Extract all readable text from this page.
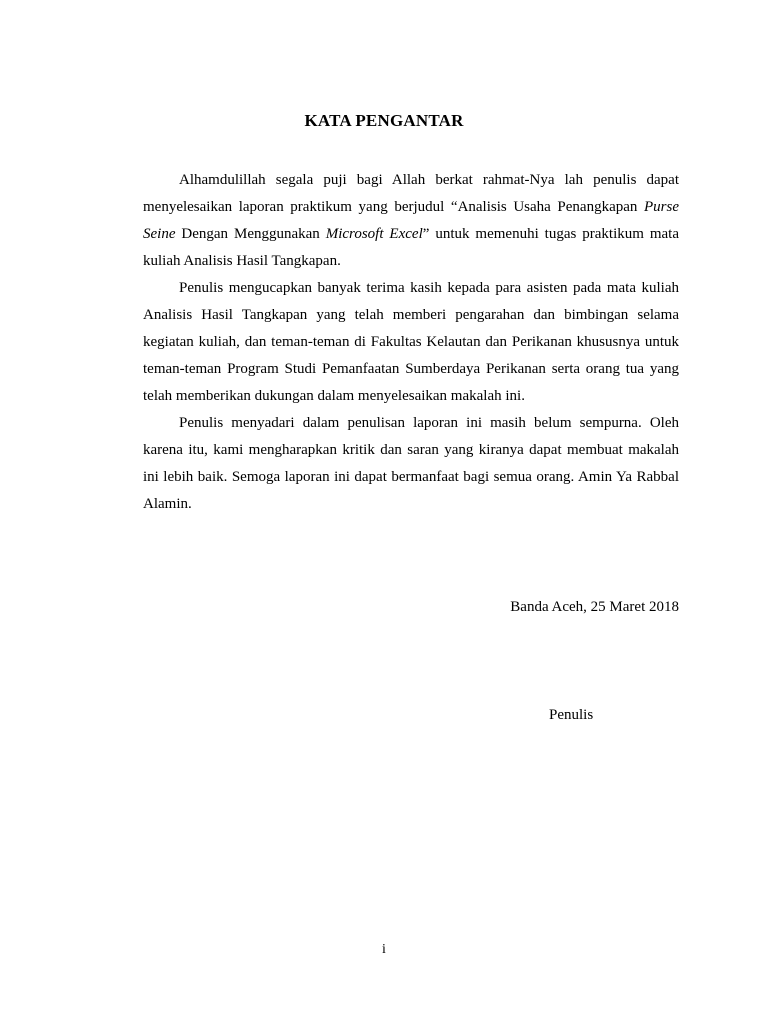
KATA PENGANTAR

Alhamdulillah segala puji bagi Allah berkat rahmat-Nya lah penulis dapat
menyelesaikan laporan praktikum yang berjudul “Analisis Usaha Penangkapan Purse
Seine Dengan Menggunakan Microsoft Excel” untuk memenuhi tugas praktikum mata
kuliah Analisis Hasil Tangkapan.

Penulis mengucapkan banyak terima kasih kepada para asisten pada mata kuliah
Analisis Hasil Tangkapan yang telah memberi pengarahan dan bimbingan selama
kegiatan kuliah, dan teman-teman di Fakultas Kelautan dan Perikanan khususnya untuk
teman-teman Program Studi Pemanfaatan Sumberdaya Perikanan serta orang tua yang
telah memberikan dukungan dalam menyelesaikan makalah ini.

Penulis menyadari dalam penulisan laporan ini masih belum sempurna. Oleh
karena itu, kami mengharapkan kritik dan saran yang kiranya dapat membuat makalah
ini lebih baik. Semoga laporan ini dapat bermanfaat bagi semua orang. Amin Ya Rabbal
Alamin.

Banda Aceh, 25 Maret 2018
Penulis
i
